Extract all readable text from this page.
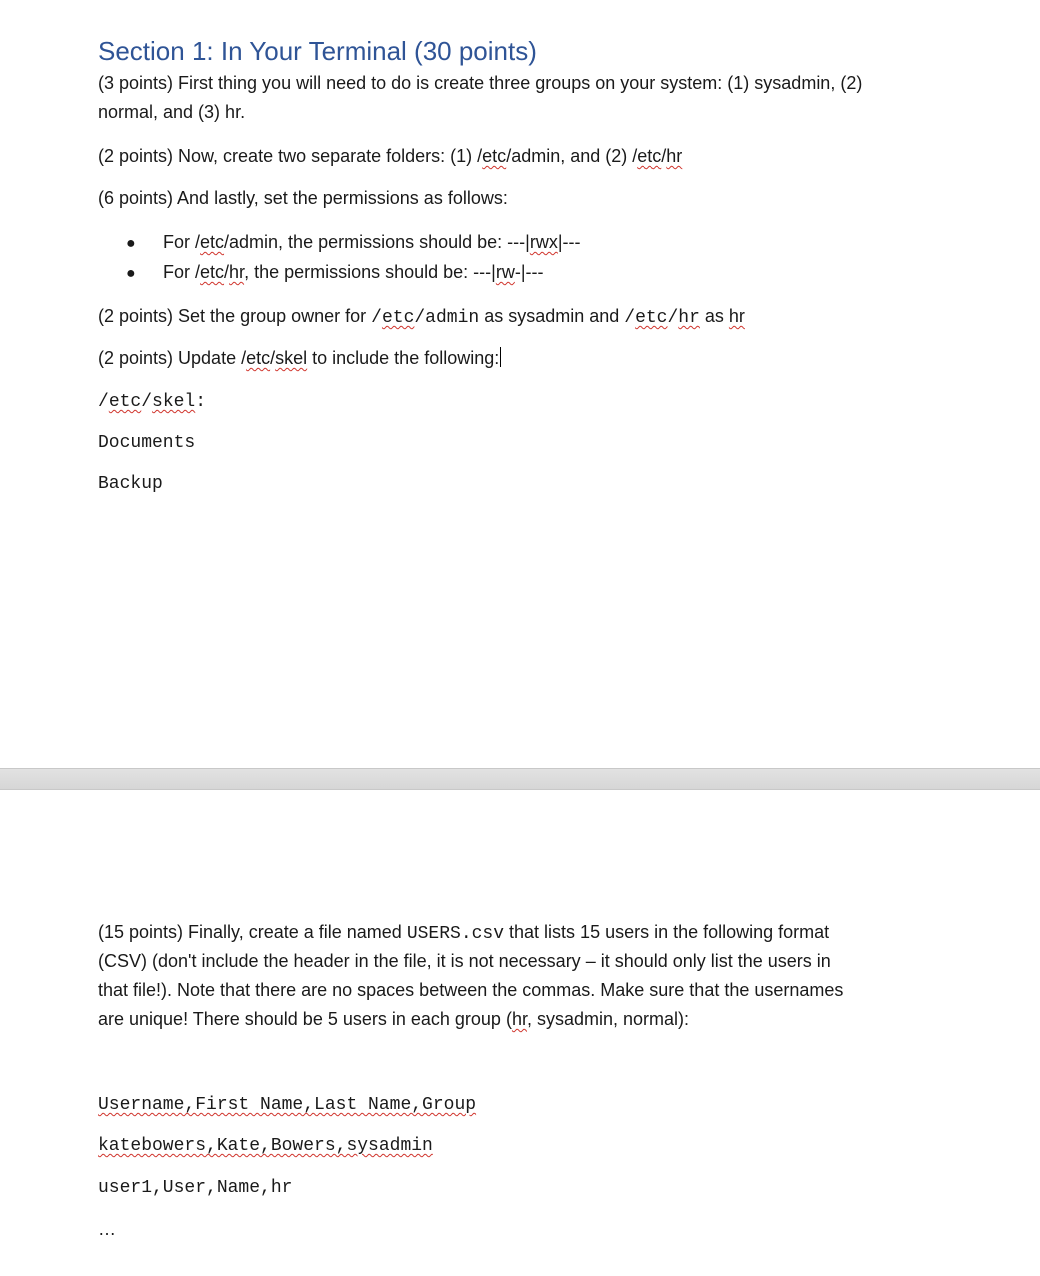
Section 1: In Your Terminal (30 points)
(3 points) First thing you will need to do is create three groups on your system: (1) sysadmin, (2)
normal, and (3) hr.
(2 points) Now, create two separate folders: (1) /etc/admin, and (2) /etc/hr
(6 points) And lastly, set the permissions as follows:
● For /etc/admin, the permissions should be: ---|rwx|---
● For /etc/hr, the permissions should be: ---|rw-|---
(2 points) Set the group owner for /etc/admin as sysadmin and /etc/hr as hr
(2 points) Update /etc/skel to include the following:
/etc/skel:
Documents
Backup
(15 points) Finally, create a file named USERS.csv that lists 15 users in the following format
(CSV) (don't include the header in the file, it is not necessary – it should only list the users in
that file!). Note that there are no spaces between the commas. Make sure that the usernames
are unique! There should be 5 users in each group (hr, sysadmin, normal):
Username,First Name,Last Name,Group
katebowers,Kate,Bowers,sysadmin
user1,User,Name,hr
…
